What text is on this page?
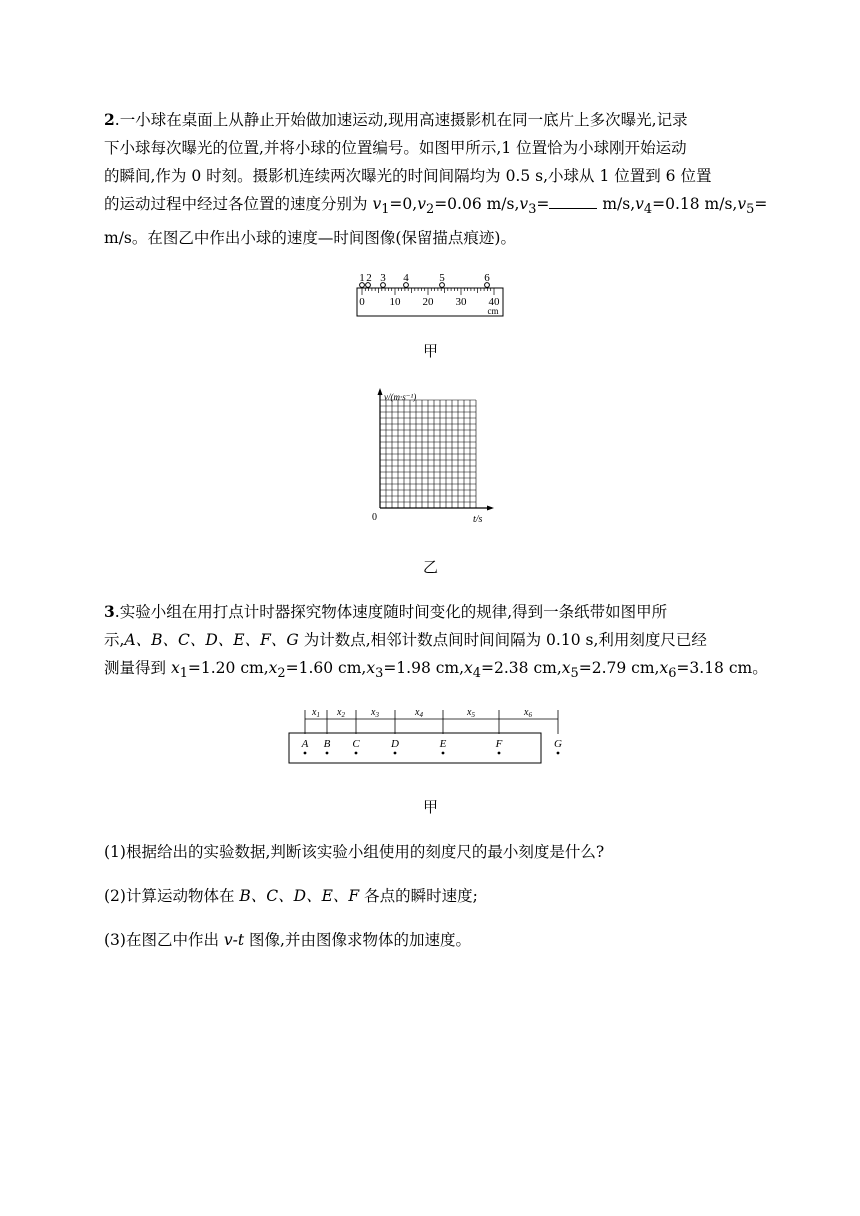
2.一小球在桌面上从静止开始做加速运动,现用高速摄影机在同一底片上多次曝光,记录

下小球每次曝光的位置,并将小球的位置编号。如图甲所示,1 位置恰为小球刚开始运动

的瞬间,作为 0 时刻。摄影机连续两次曝光的时间间隔均为 0.5 s,小球从 1 位置到 6 位置

的运动过程中经过各位置的速度分别为 $v_1=0,v_2=0.06$ $m/s,v_3=$	$m/s,v_4=0.18$ $m/s,v_5=$

m/s。在图乙中作出小球的速度—时间图像(保留描点痕迹)。

1 2 3 4	5	6
0 10 20 30 40
cm
甲
v/(m·s⁻¹)
0	t/s
乙

3.实验小组在用打点计时器探究物体速度随时间变化的规律,得到一条纸带如图甲所

示,A、B、C、D、E、F、G 为计数点,相邻计数点间时间间隔为 0.10 s,利用刻度尺已经

测量得到 $x_1=1.20$ $cm,x_2=1.60$ $cm,x_3=1.98$ $cm,x_4=2.38$ $cm,x_5=2.79$ $cm,x_6=3.18$ cm。

$x_1$ $x_2$	$x_3$	$x_4$	$x_5$	$x_6$
A B C	D	E	F	G
甲
(1)根据给出的实验数据,判断该实验小组使用的刻度尺的最小刻度是什么?
(2)计算运动物体在 B、C、D、E、F 各点的瞬时速度;
(3)在图乙中作出 v-t 图像,并由图像求物体的加速度。
